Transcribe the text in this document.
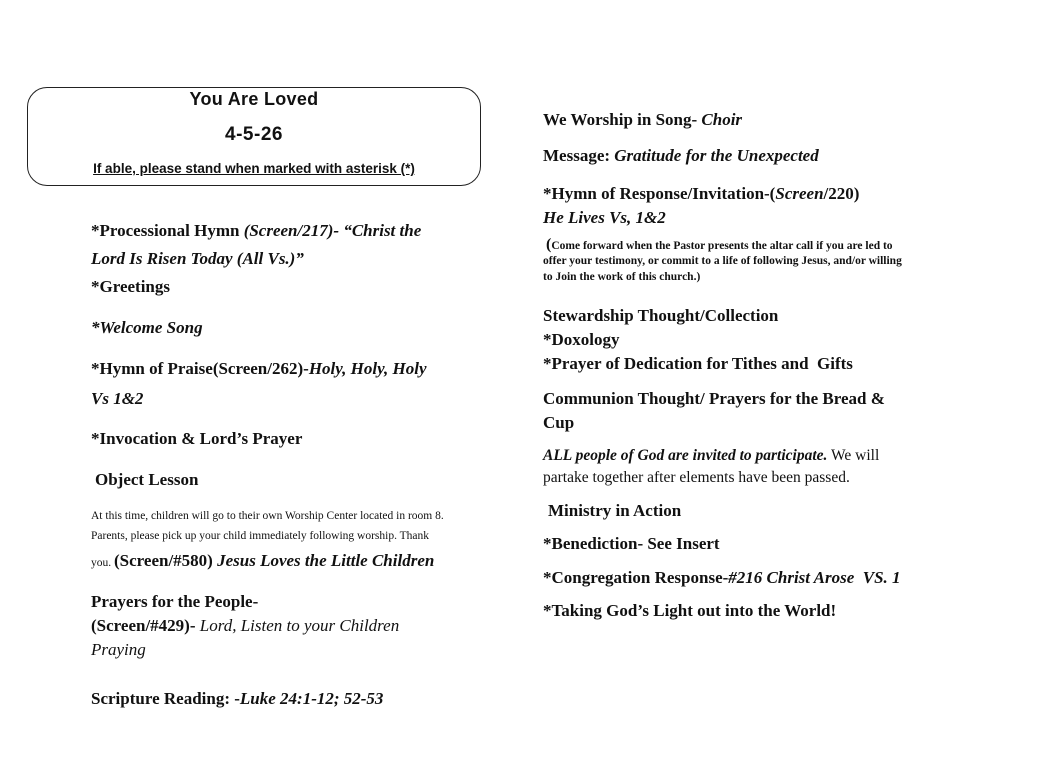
You Are Loved
4-5-26
If able, please stand when marked with asterisk (*)
*Processional Hymn (Screen/217)- “Christ the
Lord Is Risen Today (All Vs.)”
*Greetings
*Welcome Song
*Hymn of Praise(Screen/262)-Holy, Holy, Holy
Vs 1&2
*Invocation & Lord’s Prayer
Object Lesson
At this time, children will go to their own Worship Center located in room 8.
Parents, please pick up your child immediately following worship. Thank
you. (Screen/#580) Jesus Loves the Little Children
Prayers for the People-
(Screen/#429)- Lord, Listen to your Children
Praying
Scripture Reading: -Luke 24:1-12; 52-53
We Worship in Song- Choir
Message: Gratitude for the Unexpected
*Hymn of Response/Invitation-(Screen/220)
He Lives Vs, 1&2
(Come forward when the Pastor presents the altar call if you are led to
offer your testimony, or commit to a life of following Jesus, and/or willing
to Join the work of this church.)
Stewardship Thought/Collection
*Doxology
*Prayer of Dedication for Tithes and  Gifts
Communion Thought/ Prayers for the Bread &
Cup
ALL people of God are invited to participate. We will
partake together after elements have been passed.
Ministry in Action
*Benediction- See Insert
*Congregation Response-#216 Christ Arose  VS. 1
*Taking God’s Light out into the World!
